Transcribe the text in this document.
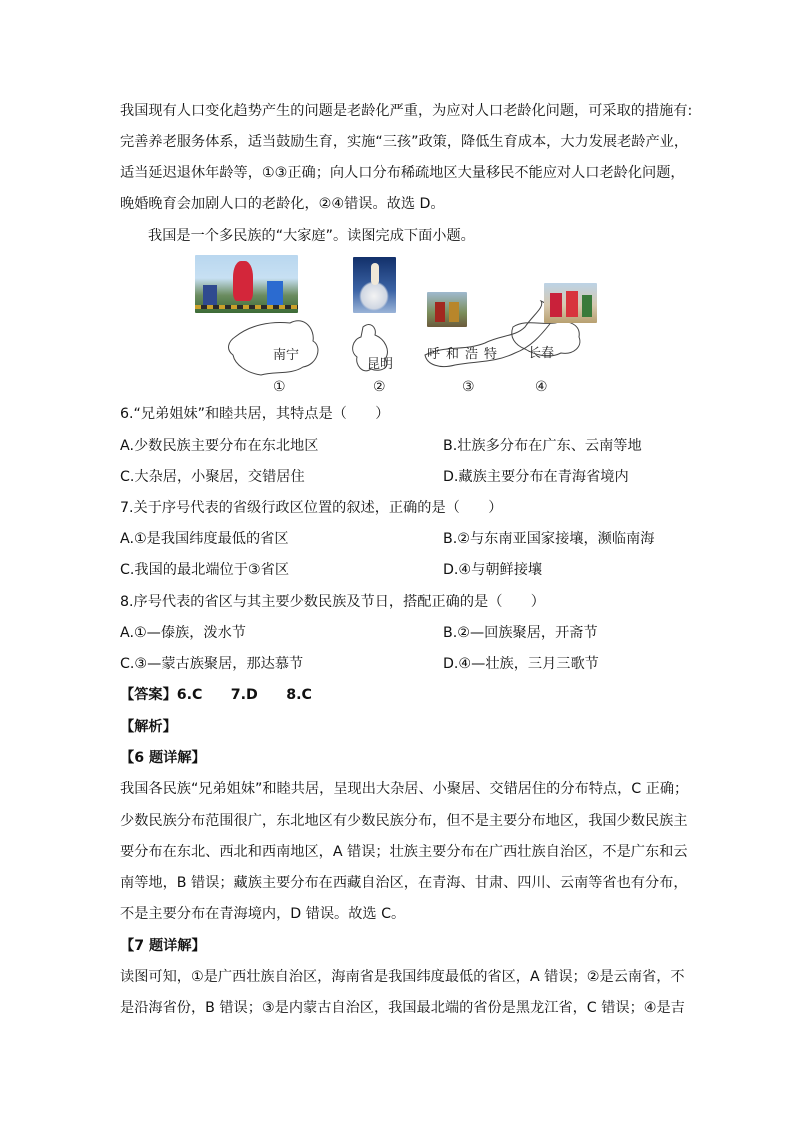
我国现有人口变化趋势产生的问题是老龄化严重，为应对人口老龄化问题，可采取的措施有:
完善养老服务体系，适当鼓励生育，实施“三孩”政策，降低生育成本，大力发展老龄产业，
适当延迟退休年龄等，①③正确；向人口分布稀疏地区大量移民不能应对人口老龄化问题，
晚婚晚育会加剧人口的老龄化，②④错误。故选 D。
我国是一个多民族的“大家庭”。读图完成下面小题。
南宁
昆明
呼和浩特 长春
①	②	③	④
6.“兄弟姐妹”和睦共居，其特点是（　　）
A.少数民族主要分布在东北地区	B.壮族多分布在广东、云南等地
C.大杂居，小聚居，交错居住	D.藏族主要分布在青海省境内
7.关于序号代表的省级行政区位置的叙述，正确的是（　　）
A.①是我国纬度最低的省区	B.②与东南亚国家接壤，濒临南海
C.我国的最北端位于③省区	D.④与朝鲜接壤
8.序号代表的省区与其主要少数民族及节日，搭配正确的是（　　）
A.①—傣族，泼水节	B.②—回族聚居，开斋节
C.③—蒙古族聚居，那达慕节	D.④—壮族，三月三歌节
【答案】6.C　　7.D　　8.C
【解析】
【6 题详解】
我国各民族“兄弟姐妹”和睦共居，呈现出大杂居、小聚居、交错居住的分布特点，C 正确；
少数民族分布范围很广，东北地区有少数民族分布，但不是主要分布地区，我国少数民族主
要分布在东北、西北和西南地区，A 错误；壮族主要分布在广西壮族自治区，不是广东和云
南等地，B 错误；藏族主要分布在西藏自治区，在青海、甘肃、四川、云南等省也有分布，
不是主要分布在青海境内，D 错误。故选 C。
【7 题详解】
读图可知，①是广西壮族自治区，海南省是我国纬度最低的省区，A 错误；②是云南省，不
是沿海省份，B 错误；③是内蒙古自治区，我国最北端的省份是黑龙江省，C 错误；④是吉
